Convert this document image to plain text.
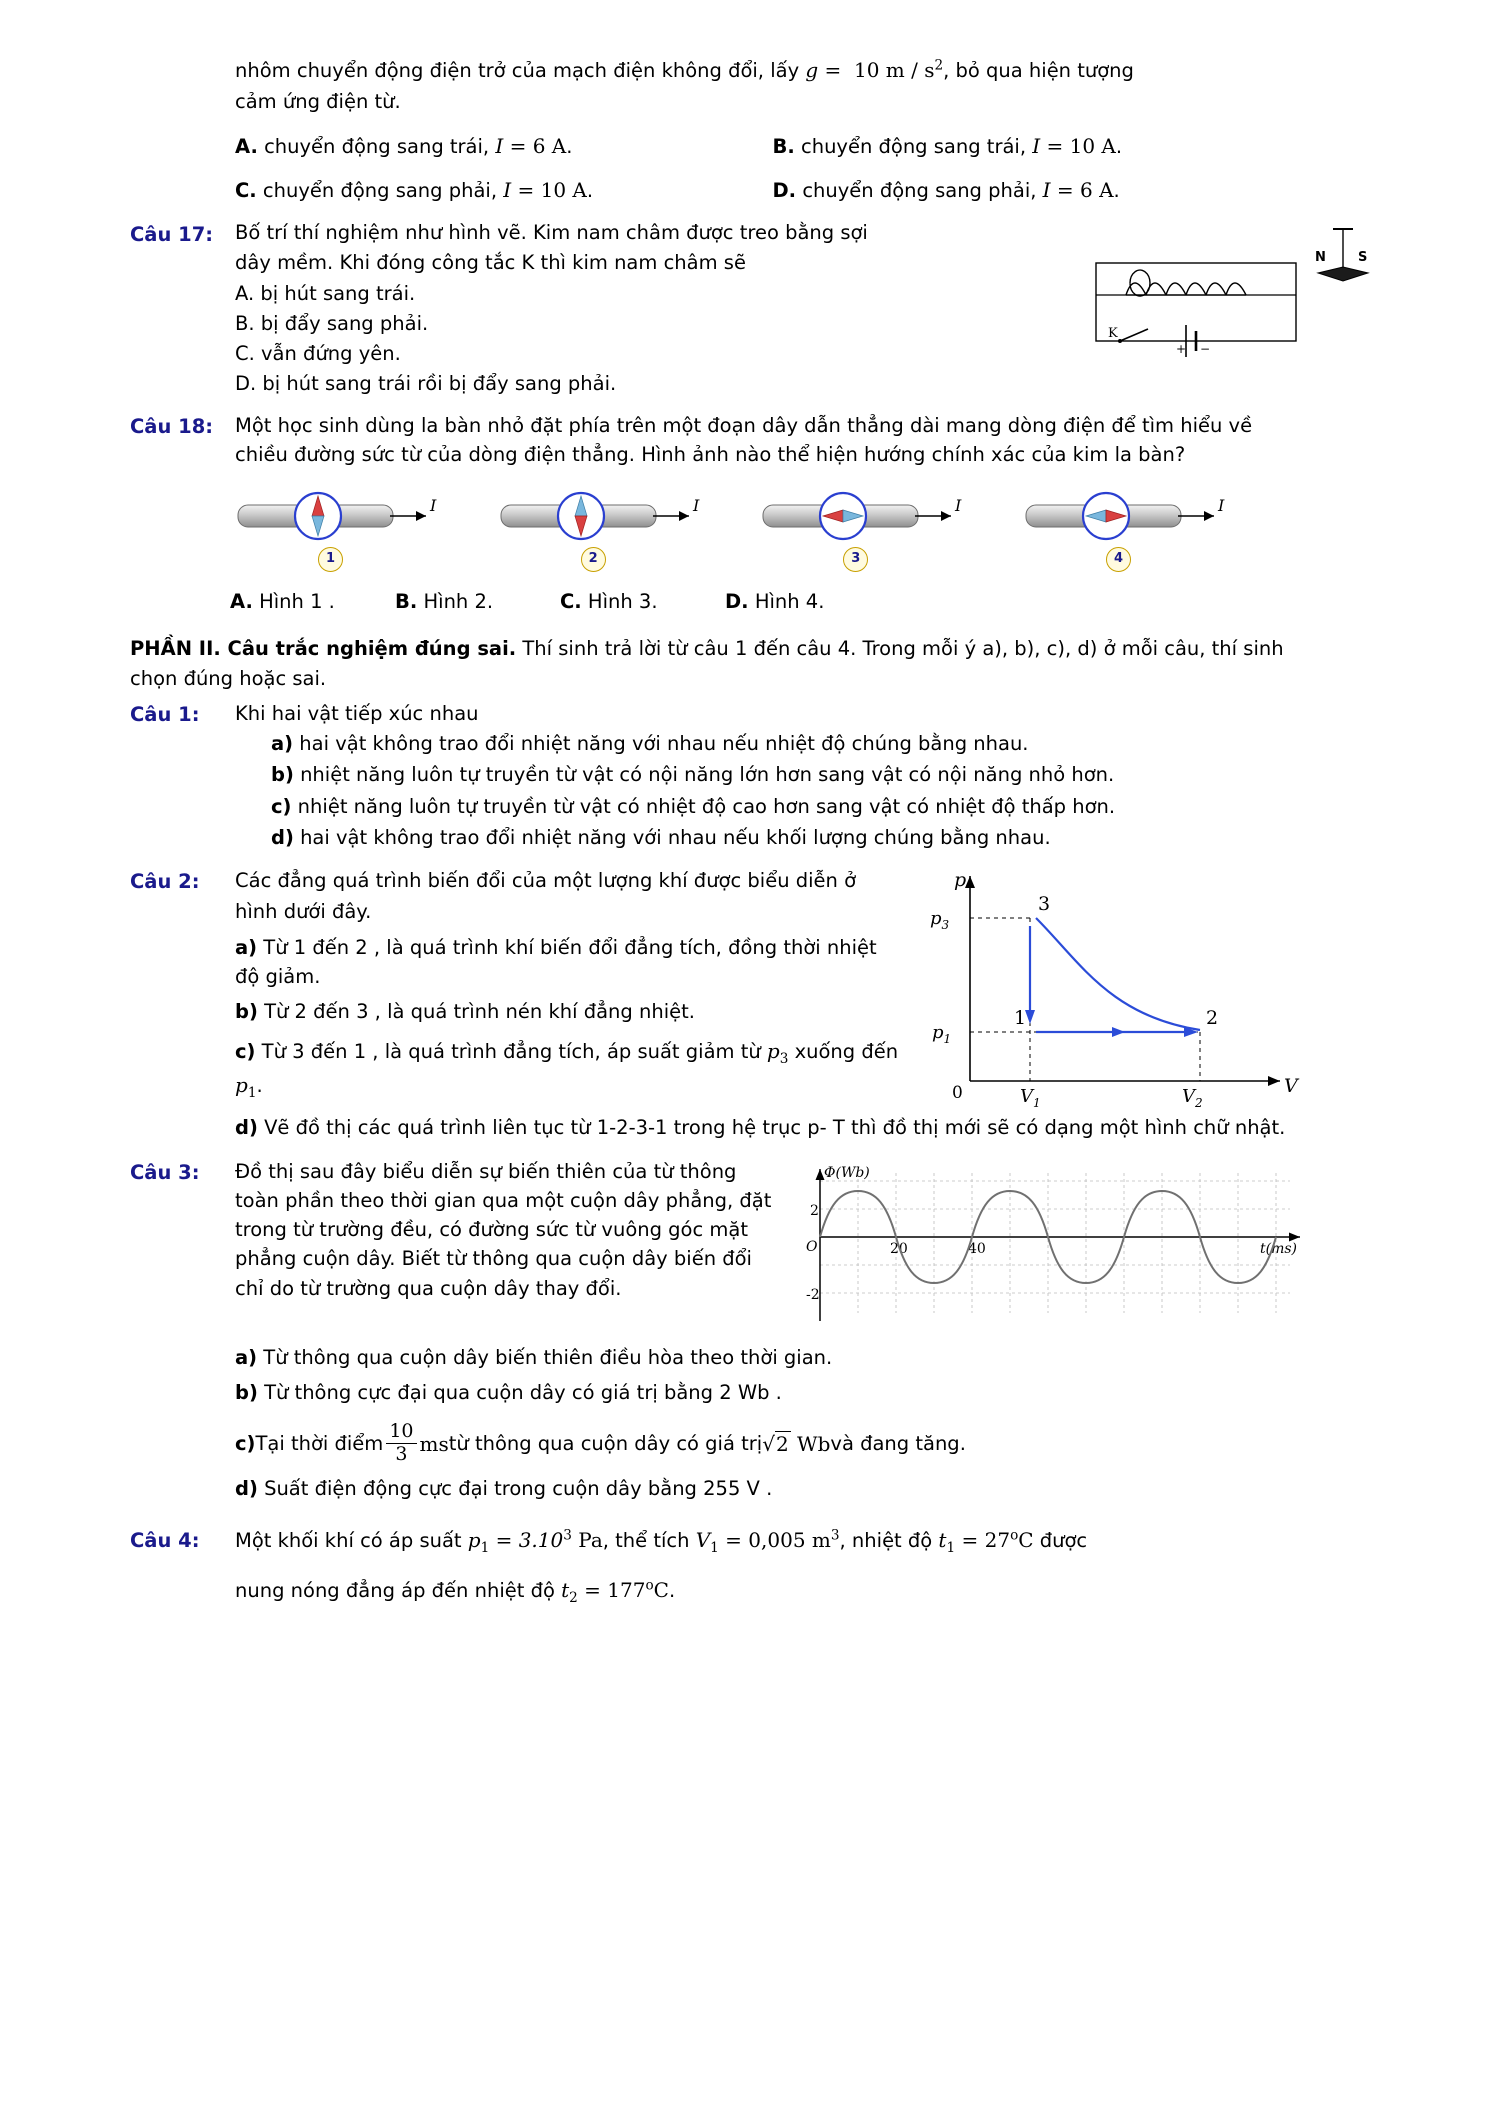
nhôm chuyển động điện trở của mạch điện không đổi, lấy g =  10 m / $s^2$, bỏ qua hiện tượng
cảm ứng điện từ.
A. chuyển động sang trái, I = 6 A.	B. chuyển động sang trái, I = 10 A.
C. chuyển động sang phải, I = 10 A.	D. chuyển động sang phải, I = 6 A.
Câu 17:	Bố trí thí nghiệm như hình vẽ. Kim nam châm được treo bằng sợi
dây mềm. Khi đóng công tắc K thì kim nam châm sẽ
A. bị hút sang trái.
B. bị đẩy sang phải.
C. vẫn đứng yên.
D. bị hút sang trái rồi bị đẩy sang phải.
K
+ −
N S
Câu 18:	Một học sinh dùng la bàn nhỏ đặt phía trên một đoạn dây dẫn thẳng dài mang dòng điện để tìm hiểu về chiều đường sức từ của dòng điện thẳng. Hình ảnh nào thể hiện hướng chính xác của kim la bàn?
I
1
I
2
I
3
I
4
A. Hình 1 .	B. Hình 2.	C. Hình 3.	D. Hình 4.
PHẦN II. Câu trắc nghiệm đúng sai. Thí sinh trả lời từ câu 1 đến câu 4. Trong mỗi ý a), b), c), d) ở mỗi câu, thí sinh chọn đúng hoặc sai.
Câu 1:	Khi hai vật tiếp xúc nhau
a) hai vật không trao đổi nhiệt năng với nhau nếu nhiệt độ chúng bằng nhau.
b) nhiệt năng luôn tự truyền từ vật có nội năng lớn hơn sang vật có nội năng nhỏ hơn.
c) nhiệt năng luôn tự truyền từ vật có nhiệt độ cao hơn sang vật có nhiệt độ thấp hơn.
d) hai vật không trao đổi nhiệt năng với nhau nếu khối lượng chúng bằng nhau.
Câu 2:	Các đẳng quá trình biến đổi của một lượng khí được biểu diễn ở
hình dưới đây.
a) Từ 1 đến 2 , là quá trình khí biến đổi đẳng tích, đồng thời nhiệt độ giảm.
b) Từ 2 đến 3 , là quá trình nén khí đẳng nhiệt.
c) Từ 3 đến 1 , là quá trình đẳng tích, áp suất giảm từ $p_3$ xuống đến $p_1$.
p
V
0
$p_3$
$p_1$
$V_1$	$V_2$
3
1	2
d) Vẽ đồ thị các quá trình liên tục từ 1-2-3-1 trong hệ trục p- T thì đồ thị mới sẽ có dạng một hình chữ nhật.
Câu 3:	Đồ thị sau đây biểu diễn sự biến thiên của từ thông toàn phần theo thời gian qua một cuộn dây phẳng, đặt trong từ trường đều, có đường sức từ vuông góc mặt phẳng cuộn dây. Biết từ thông qua cuộn dây biến đổi chỉ do từ trường qua cuộn dây thay đổi.
Φ(Wb)
t(ms)
O
2
-2
20	40
a) Từ thông qua cuộn dây biến thiên điều hòa theo thời gian.
b) Từ thông cực đại qua cuộn dây có giá trị bằng 2 Wb .
c) Tại thời điểm $\frac{10}{3}$ ms từ thông qua cuộn dây có giá trị √2 Wb và đang tăng.
d) Suất điện động cực đại trong cuộn dây bằng 255 V .
Câu 4:	Một khối khí có áp suất $p_1 = 3.10^3$ Pa, thể tích $V_1 = 0,005$ $m^3$, nhiệt độ $t_1 = 27^oC$ được
nung nóng đẳng áp đến nhiệt độ $t_2 = 177^oC$.
